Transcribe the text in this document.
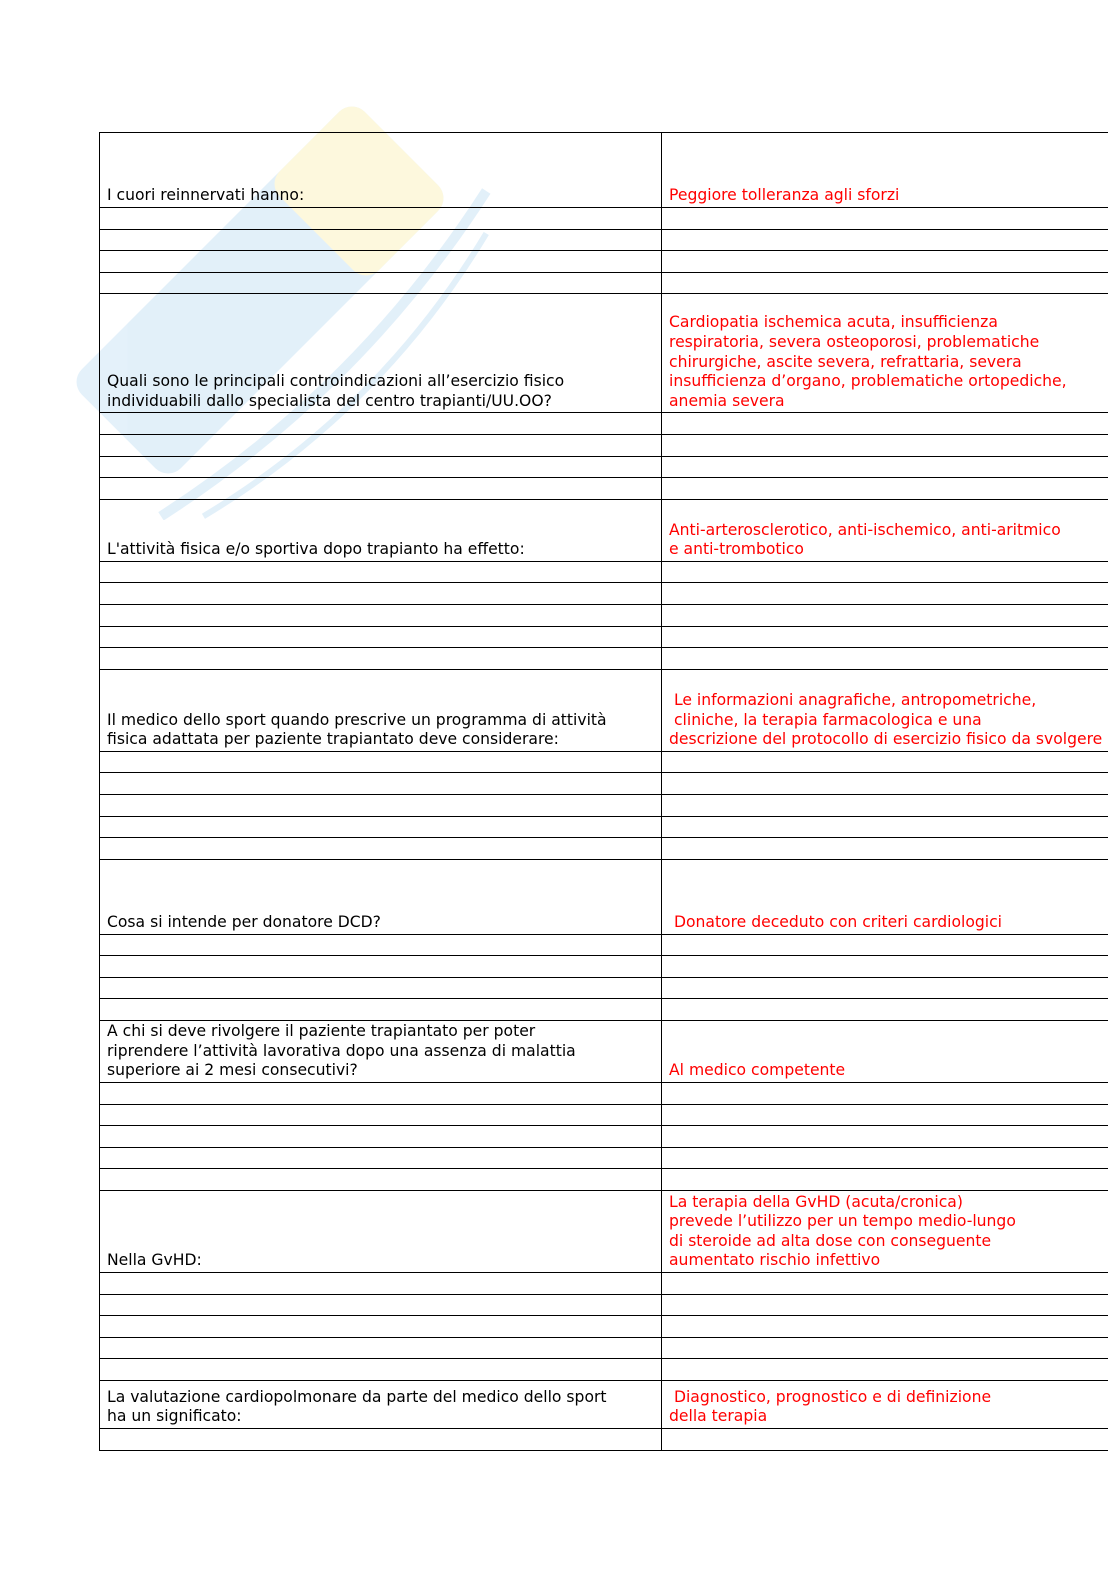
I cuori reinnervati hanno:	Peggiore tolleranza agli sforzi

Quali sono le principali controindicazioni all’esercizio fisico
individuabili dallo specialista del centro trapianti/UU.OO?	Cardiopatia ischemica acuta, insufficienza
respiratoria, severa osteoporosi, problematiche
chirurgiche, ascite severa, refrattaria, severa
insufficienza d’organo, problematiche ortopediche,
anemia severa

L'attività fisica e/o sportiva dopo trapianto ha effetto:	Anti-arterosclerotico, anti-ischemico, anti-aritmico
e anti-trombotico

Il medico dello sport quando prescrive un programma di attività
fisica adattata per paziente trapiantato deve considerare:	Le informazioni anagrafiche, antropometriche,
cliniche, la terapia farmacologica e una
descrizione del protocollo di esercizio fisico da svolgere

Cosa si intende per donatore DCD?	Donatore deceduto con criteri cardiologici

A chi si deve rivolgere il paziente trapiantato per poter
riprendere l’attività lavorativa dopo una assenza di malattia
superiore ai 2 mesi consecutivi?	Al medico competente

Nella GvHD:	La terapia della GvHD (acuta/cronica)
prevede l’utilizzo per un tempo medio-lungo
di steroide ad alta dose con conseguente
aumentato rischio infettivo

La valutazione cardiopolmonare da parte del medico dello sport
ha un significato:	Diagnostico, prognostico e di definizione
della terapia
